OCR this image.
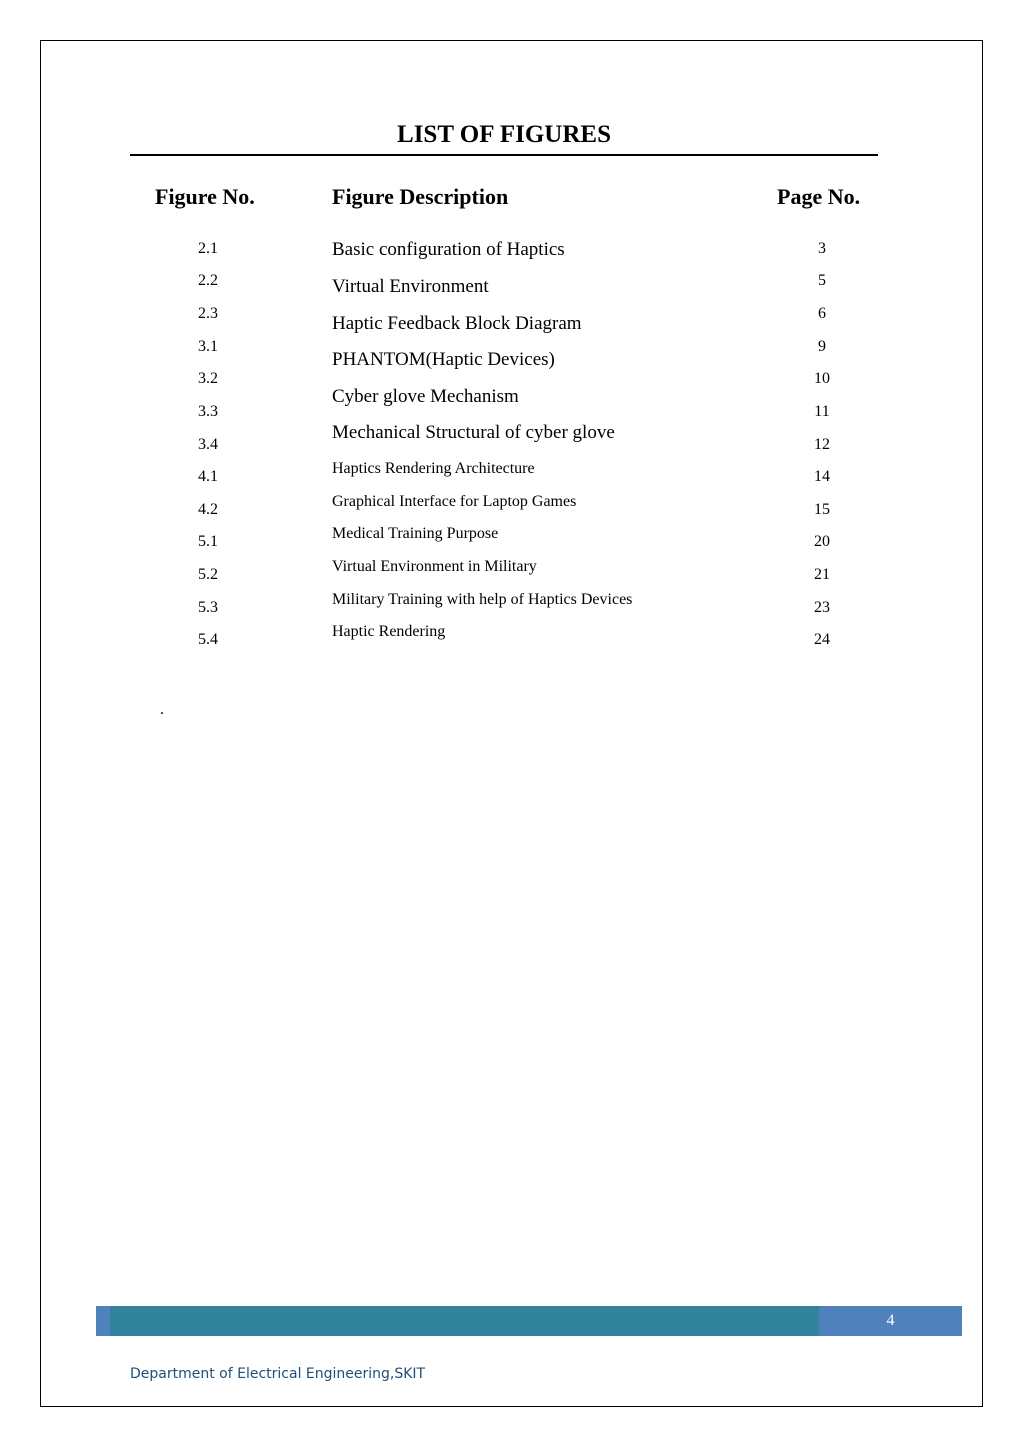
LIST OF FIGURES
Figure No.	Figure Description	Page No.
2.1
2.2
2.3
3.1
3.2
3.3
3.4
4.1
4.2
5.1
5.2
5.3
5.4
Basic configuration of Haptics
Virtual Environment
Haptic Feedback Block Diagram
PHANTOM(Haptic Devices)
Cyber glove Mechanism
Mechanical Structural of cyber glove
Haptics Rendering Architecture
Graphical Interface for Laptop Games
Medical Training Purpose
Virtual Environment in Military
Military Training with help of Haptics Devices
Haptic Rendering
3
5
6
9
10
11
12
14
15
20
21
23
24
.
4
Department of Electrical Engineering,SKIT
